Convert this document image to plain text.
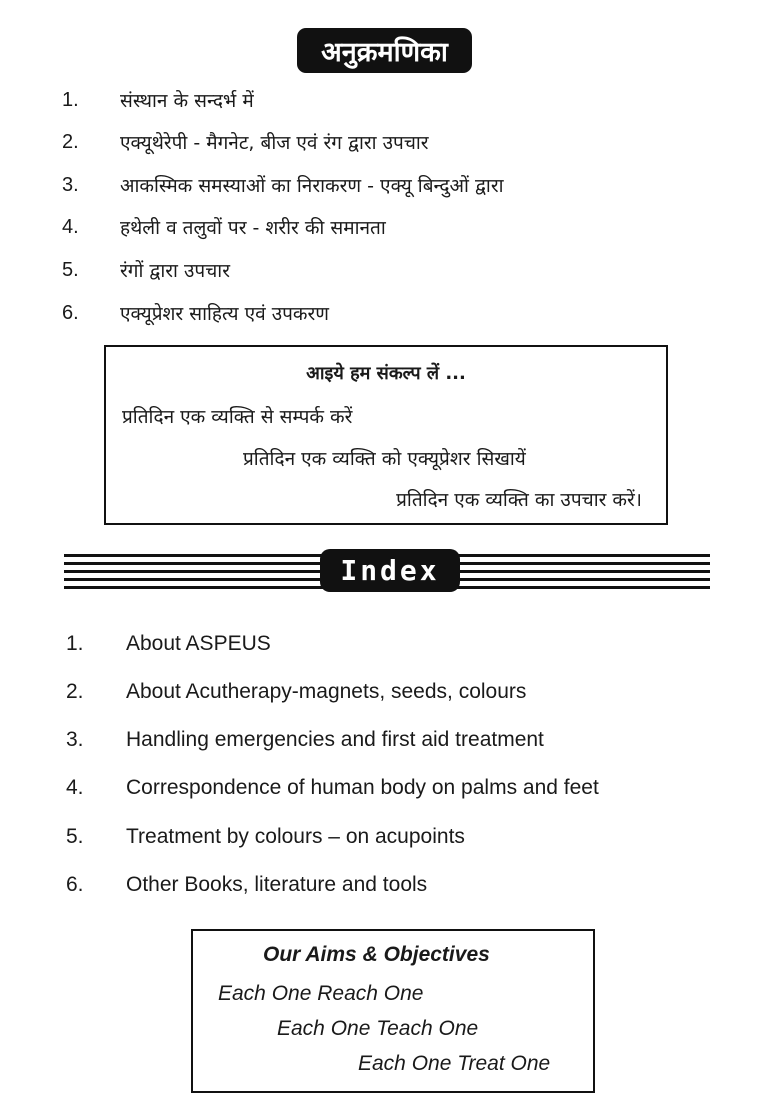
अनुक्रमणिका
1.	संस्थान के सन्दर्भ में
2.	एक्यूथेरेपी - मैगनेट, बीज एवं रंग द्वारा उपचार
3.	आकस्मिक समस्याओं का निराकरण - एक्यू बिन्दुओं द्वारा
4.	हथेली व तलुवों पर - शरीर की समानता
5.	रंगों द्वारा उपचार
6.	एक्यूप्रेशर साहित्य एवं उपकरण
आइये हम संकल्प लें ...
प्रतिदिन एक व्यक्ति से सम्पर्क करें
प्रतिदिन एक व्यक्ति को एक्यूप्रेशर सिखायें
प्रतिदिन एक व्यक्ति का उपचार करें।
Index
1.	About ASPEUS
2.	About Acutherapy-magnets, seeds, colours
3.	Handling emergencies and first aid treatment
4.	Correspondence of human body on palms and feet
5.	Treatment by colours – on acupoints
6.	Other Books, literature and tools
Our Aims & Objectives
Each One Reach One
Each One Teach One
Each One Treat One
